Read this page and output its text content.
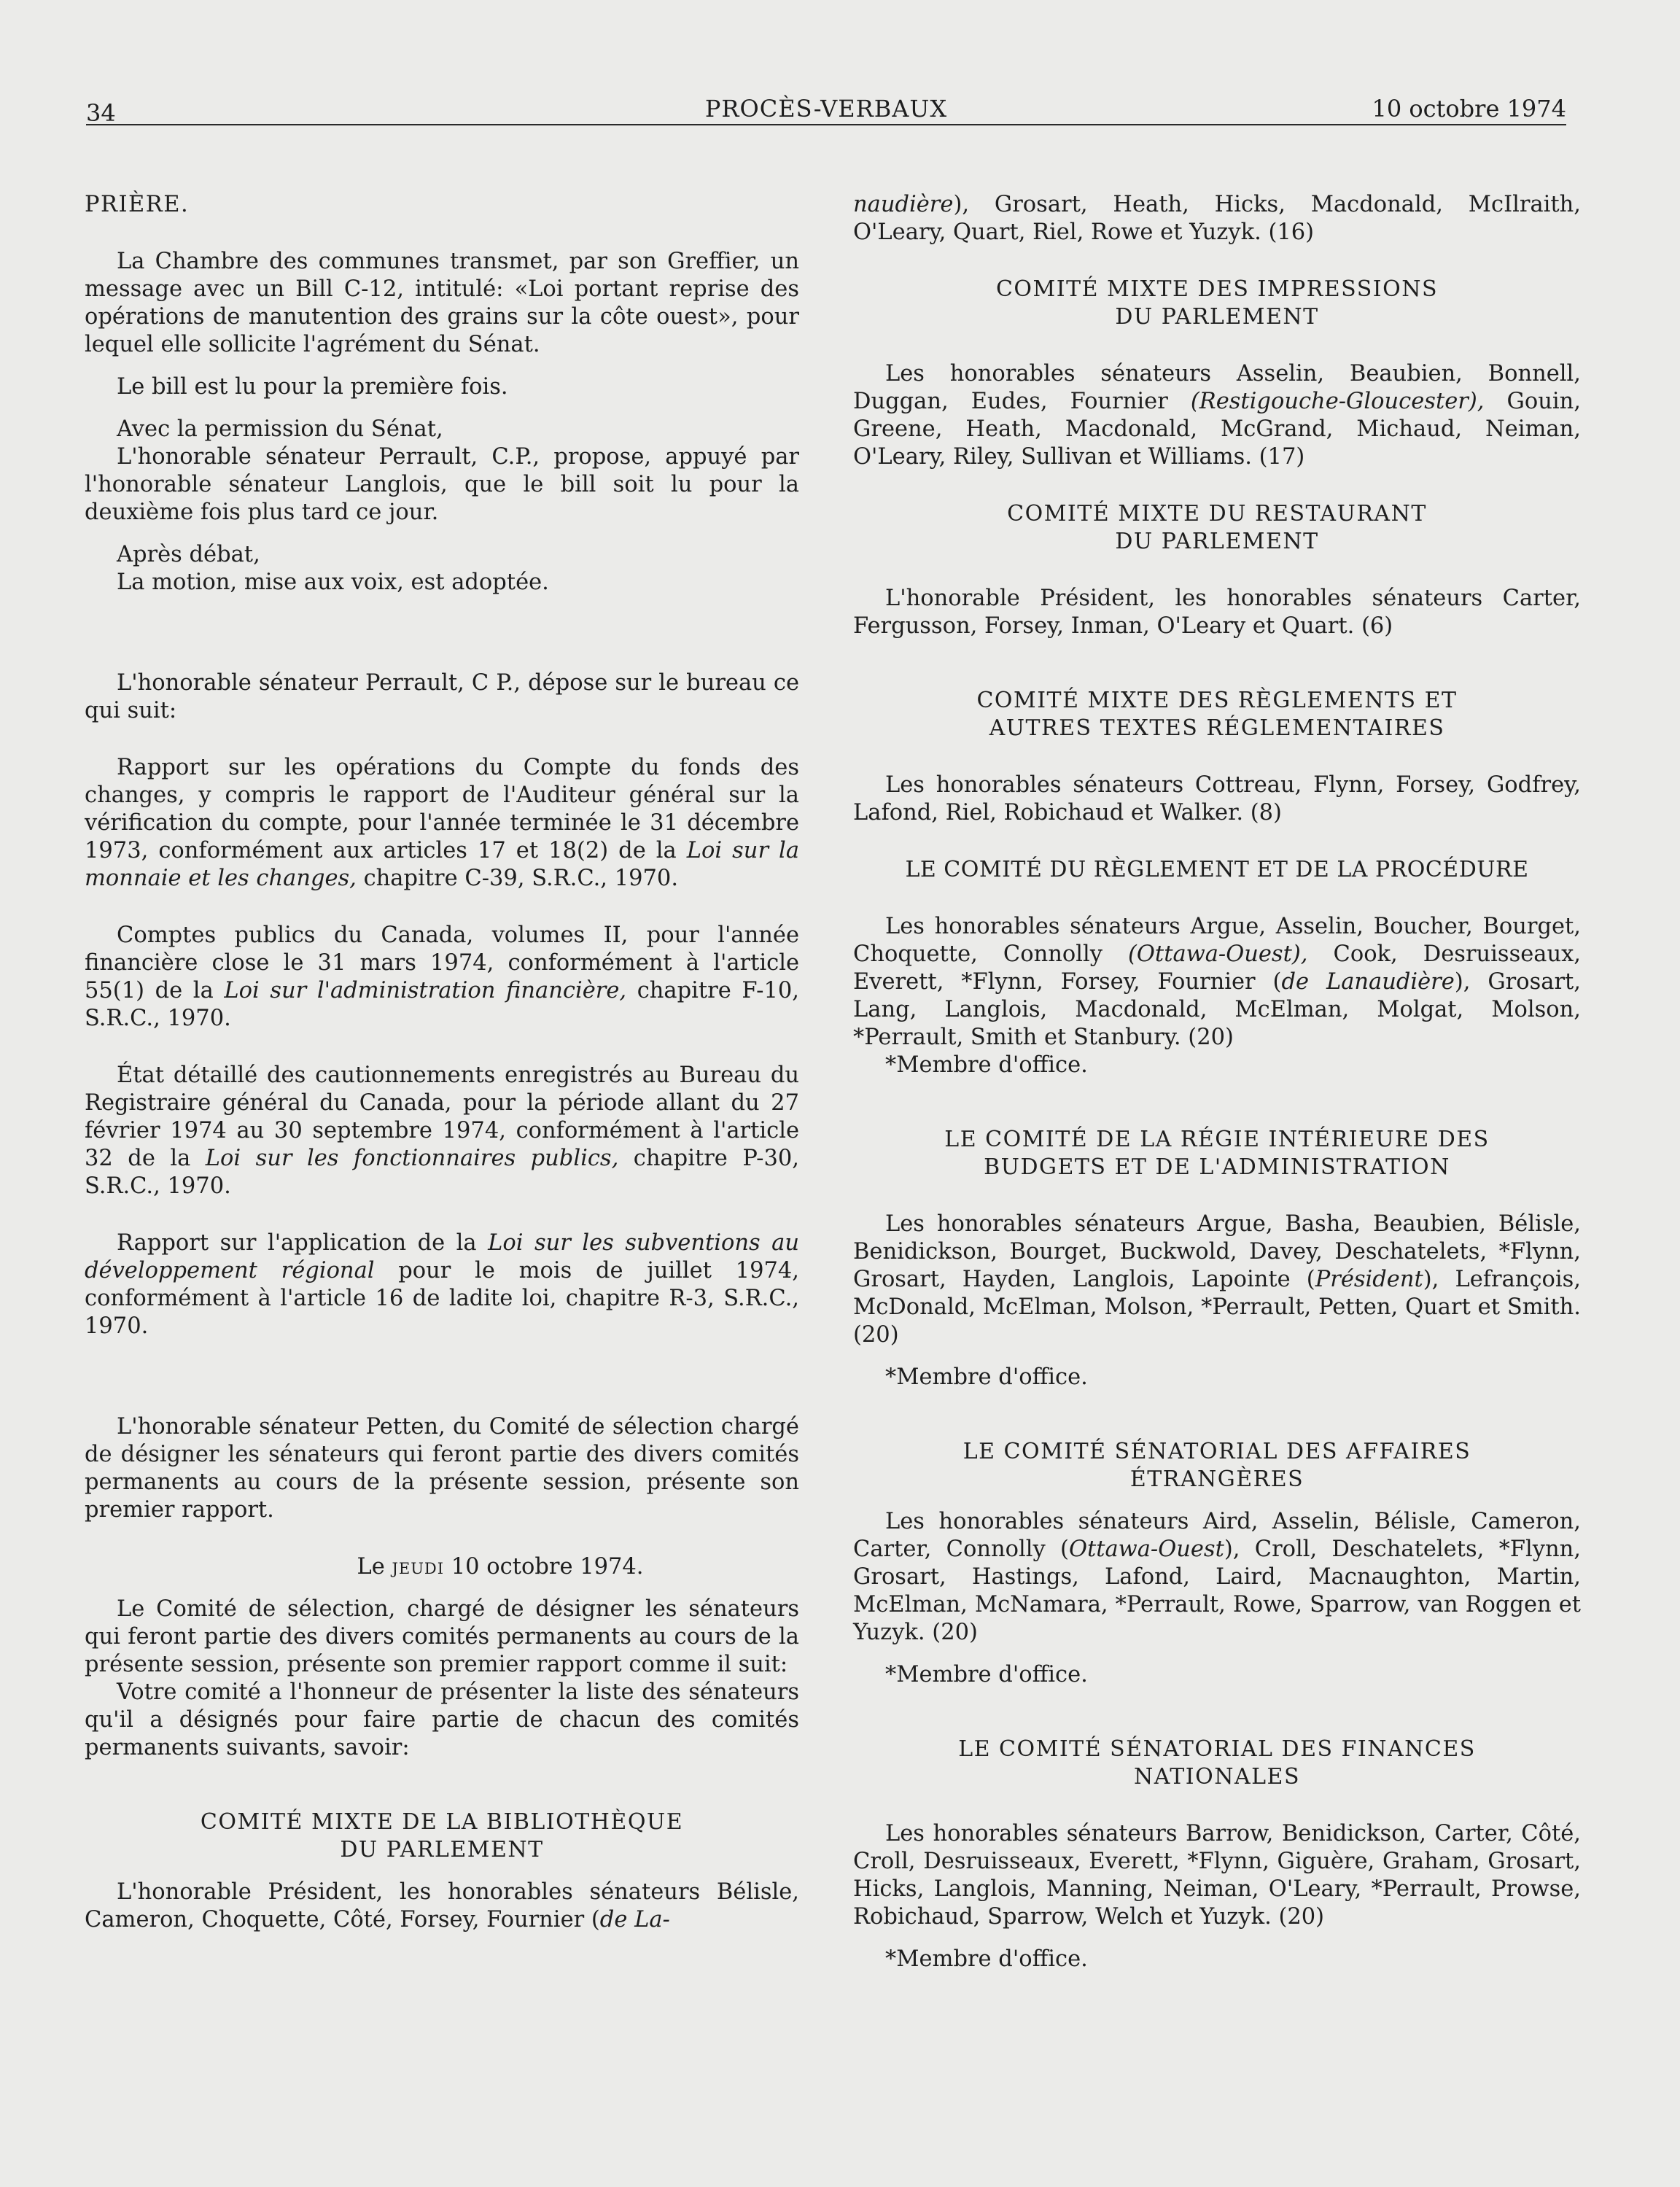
34	PROCÈS-VERBAUX	10 octobre 1974

PRIÈRE.

La Chambre des communes transmet, par son Greffier, un message avec un Bill C-12, intitulé: «Loi portant reprise des opérations de manutention des grains sur la côte ouest», pour lequel elle sollicite l'agrément du Sénat.

Le bill est lu pour la première fois.

Avec la permission du Sénat,

L'honorable sénateur Perrault, C.P., propose, appuyé par l'honorable sénateur Langlois, que le bill soit lu pour la deuxième fois plus tard ce jour.

Après débat,

La motion, mise aux voix, est adoptée.

L'honorable sénateur Perrault, C P., dépose sur le bureau ce qui suit:

Rapport sur les opérations du Compte du fonds des changes, y compris le rapport de l'Auditeur général sur la vérification du compte, pour l'année terminée le 31 décembre 1973, conformément aux articles 17 et 18(2) de la Loi sur la monnaie et les changes, chapitre C-39, S.R.C., 1970.

Comptes publics du Canada, volumes II, pour l'année financière close le 31 mars 1974, conformément à l'article 55(1) de la Loi sur l'administration financière, chapitre F-10, S.R.C., 1970.

État détaillé des cautionnements enregistrés au Bureau du Registraire général du Canada, pour la période allant du 27 février 1974 au 30 septembre 1974, conformément à l'article 32 de la Loi sur les fonctionnaires publics, chapitre P-30, S.R.C., 1970.

Rapport sur l'application de la Loi sur les subventions au développement régional pour le mois de juillet 1974, conformément à l'article 16 de ladite loi, chapitre R-3, S.R.C., 1970.

L'honorable sénateur Petten, du Comité de sélection chargé de désigner les sénateurs qui feront partie des divers comités permanents au cours de la présente session, présente son premier rapport.

Le jeudi 10 octobre 1974.

Le Comité de sélection, chargé de désigner les sénateurs qui feront partie des divers comités permanents au cours de la présente session, présente son premier rapport comme il suit:

Votre comité a l'honneur de présenter la liste des sénateurs qu'il a désignés pour faire partie de chacun des comités permanents suivants, savoir:

COMITÉ MIXTE DE LA BIBLIOTHÈQUE

DU PARLEMENT

L'honorable Président, les honorables sénateurs Bélisle, Cameron, Choquette, Côté, Forsey, Fournier (de La-

naudière), Grosart, Heath, Hicks, Macdonald, McIlraith, O'Leary, Quart, Riel, Rowe et Yuzyk. (16)

COMITÉ MIXTE DES IMPRESSIONS

DU PARLEMENT

Les honorables sénateurs Asselin, Beaubien, Bonnell, Duggan, Eudes, Fournier (Restigouche-Gloucester), Gouin, Greene, Heath, Macdonald, McGrand, Michaud, Neiman, O'Leary, Riley, Sullivan et Williams. (17)

COMITÉ MIXTE DU RESTAURANT

DU PARLEMENT

L'honorable Président, les honorables sénateurs Carter, Fergusson, Forsey, Inman, O'Leary et Quart. (6)

COMITÉ MIXTE DES RÈGLEMENTS ET

AUTRES TEXTES RÉGLEMENTAIRES

Les honorables sénateurs Cottreau, Flynn, Forsey, Godfrey, Lafond, Riel, Robichaud et Walker. (8)

LE COMITÉ DU RÈGLEMENT ET DE LA PROCÉDURE

Les honorables sénateurs Argue, Asselin, Boucher, Bourget, Choquette, Connolly (Ottawa-Ouest), Cook, Desruisseaux, Everett, *Flynn, Forsey, Fournier (de Lanaudière), Grosart, Lang, Langlois, Macdonald, McElman, Molgat, Molson, *Perrault, Smith et Stanbury. (20)

*Membre d'office.

LE COMITÉ DE LA RÉGIE INTÉRIEURE DES

BUDGETS ET DE L'ADMINISTRATION

Les honorables sénateurs Argue, Basha, Beaubien, Bélisle, Benidickson, Bourget, Buckwold, Davey, Deschatelets, *Flynn, Grosart, Hayden, Langlois, Lapointe (Président), Lefrançois, McDonald, McElman, Molson, *Perrault, Petten, Quart et Smith. (20)

*Membre d'office.

LE COMITÉ SÉNATORIAL DES AFFAIRES

ÉTRANGÈRES

Les honorables sénateurs Aird, Asselin, Bélisle, Cameron, Carter, Connolly (Ottawa-Ouest), Croll, Deschatelets, *Flynn, Grosart, Hastings, Lafond, Laird, Macnaughton, Martin, McElman, McNamara, *Perrault, Rowe, Sparrow, van Roggen et Yuzyk. (20)

*Membre d'office.

LE COMITÉ SÉNATORIAL DES FINANCES

NATIONALES

Les honorables sénateurs Barrow, Benidickson, Carter, Côté, Croll, Desruisseaux, Everett, *Flynn, Giguère, Graham, Grosart, Hicks, Langlois, Manning, Neiman, O'Leary, *Perrault, Prowse, Robichaud, Sparrow, Welch et Yuzyk. (20)

*Membre d'office.
